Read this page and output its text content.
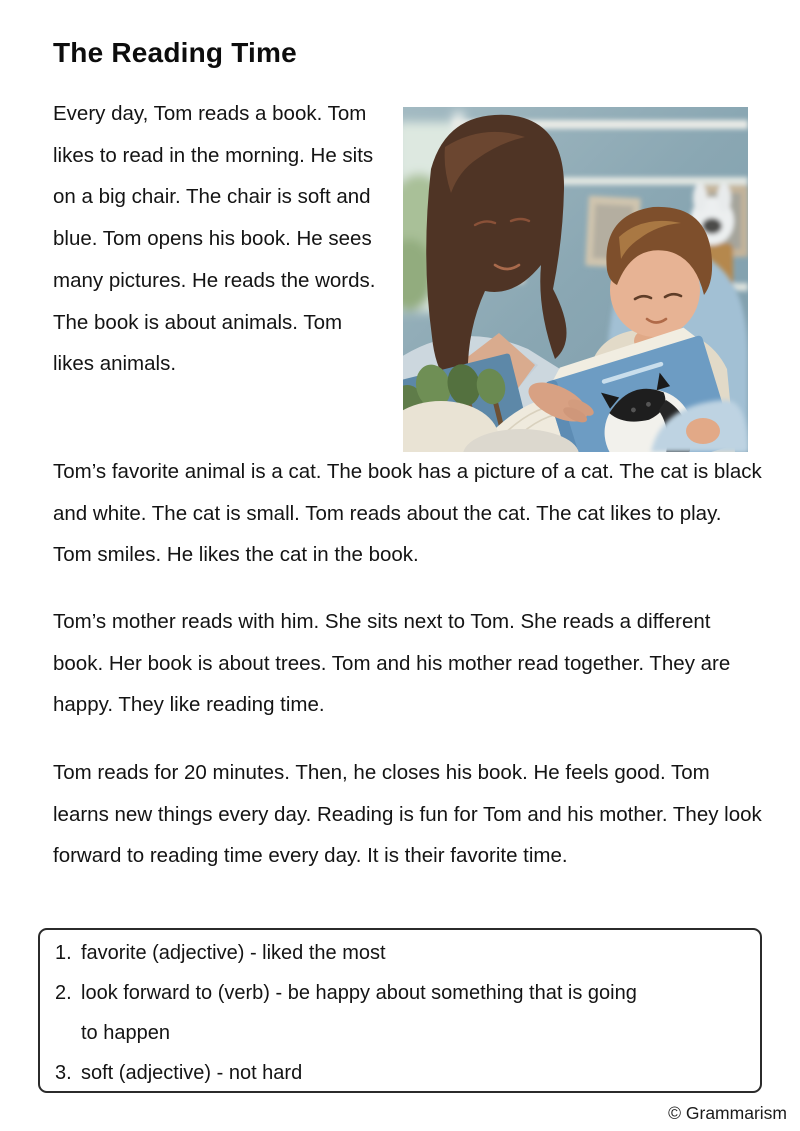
The Reading Time

Every day, Tom reads a book. Tom likes to read in the morning. He sits on a big chair. The chair is soft and blue. Tom opens his book. He sees many pictures. He reads the words. The book is about animals. Tom likes animals.

Tom’s favorite animal is a cat. The book has a picture of a cat. The cat is black and white. The cat is small. Tom reads about the cat. The cat likes to play. Tom smiles. He likes the cat in the book.

Tom’s mother reads with him. She sits next to Tom. She reads a different book. Her book is about trees. Tom and his mother read together. They are happy. They like reading time.

Tom reads for 20 minutes. Then, he closes his book. He feels good. Tom learns new things every day. Reading is fun for Tom and his mother. They look forward to reading time every day. It is their favorite time.

1. favorite (adjective) - liked the most
2. look forward to (verb) - be happy about something that is going to happen
3. soft (adjective) - not hard
© Grammarism
